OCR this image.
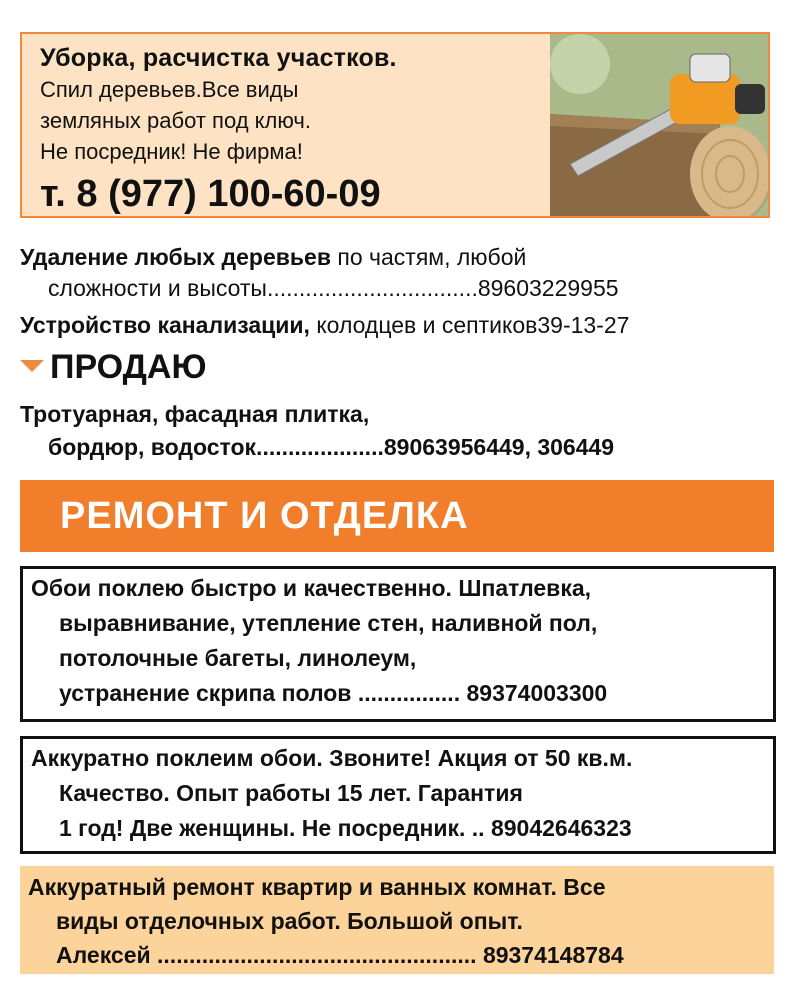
Уборка, расчистка участков.

Спил деревьев.Все виды

земляных работ под ключ.

Не посредник! Не фирма!

т. 8 (977) 100-60-09
Удаление любых деревьев по частям, любой
сложности и высоты.................................89603229955
Устройство канализации, колодцев и септиков39-13-27
ПРОДАЮ
Тротуарная, фасадная плитка,
бордюр, водосток....................89063956449, 306449
РЕМОНТ И ОТДЕЛКА
Обои поклею быстро и качественно. Шпатлевка,
выравнивание, утепление стен, наливной пол,
потолочные багеты, линолеум,
устранение скрипа полов ................ 89374003300
Аккуратно поклеим обои. Звоните! Акция от 50 кв.м.
Качество. Опыт работы 15 лет. Гарантия
1 год! Две женщины. Не посредник. .. 89042646323
Аккуратный ремонт квартир и ванных комнат. Все
виды отделочных работ. Большой опыт.
Алексей .................................................. 89374148784
